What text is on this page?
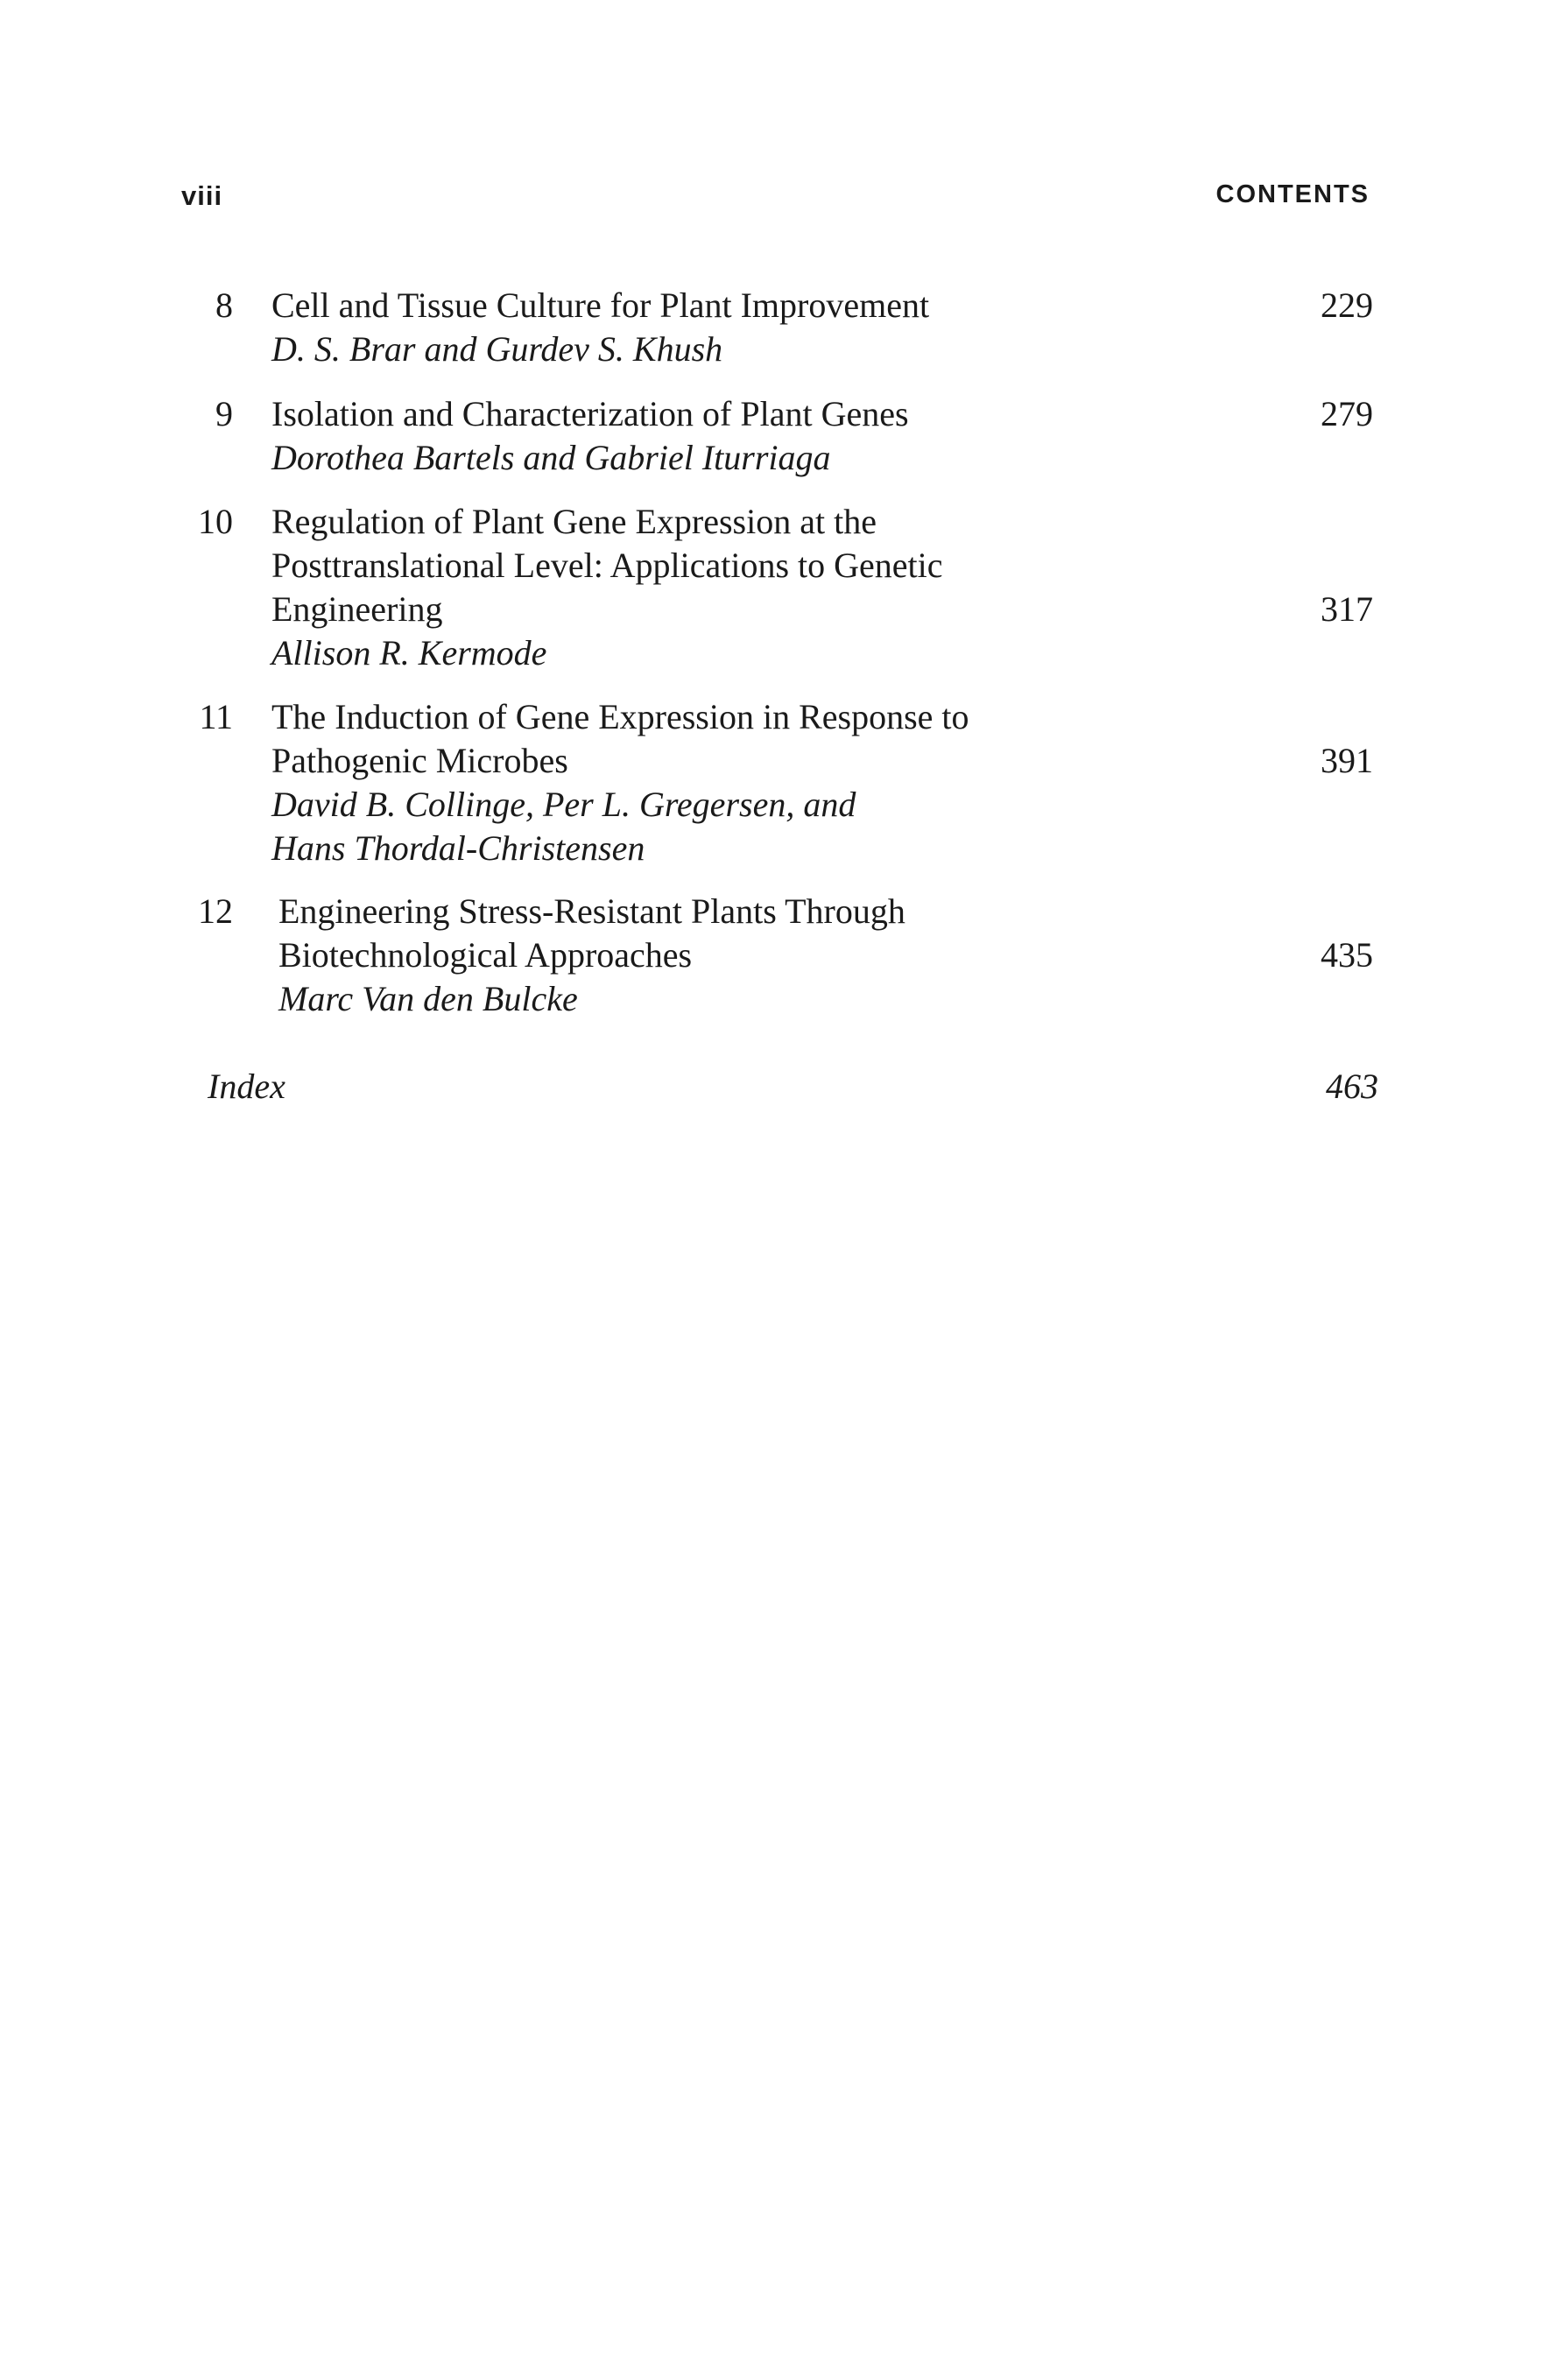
viii	CONTENTS
8 Cell and Tissue Culture for Plant Improvement
D. S. Brar and Gurdev S. Khush
229
9 Isolation and Characterization of Plant Genes
Dorothea Bartels and Gabriel Iturriaga
279
10 Regulation of Plant Gene Expression at the
Posttranslational Level: Applications to Genetic
Engineering
Allison R. Kermode
317
11 The Induction of Gene Expression in Response to
Pathogenic Microbes
David B. Collinge, Per L. Gregersen, and
Hans Thordal-Christensen
391
12 Engineering Stress-Resistant Plants Through
Biotechnological Approaches
Marc Van den Bulcke
435
Index	463
